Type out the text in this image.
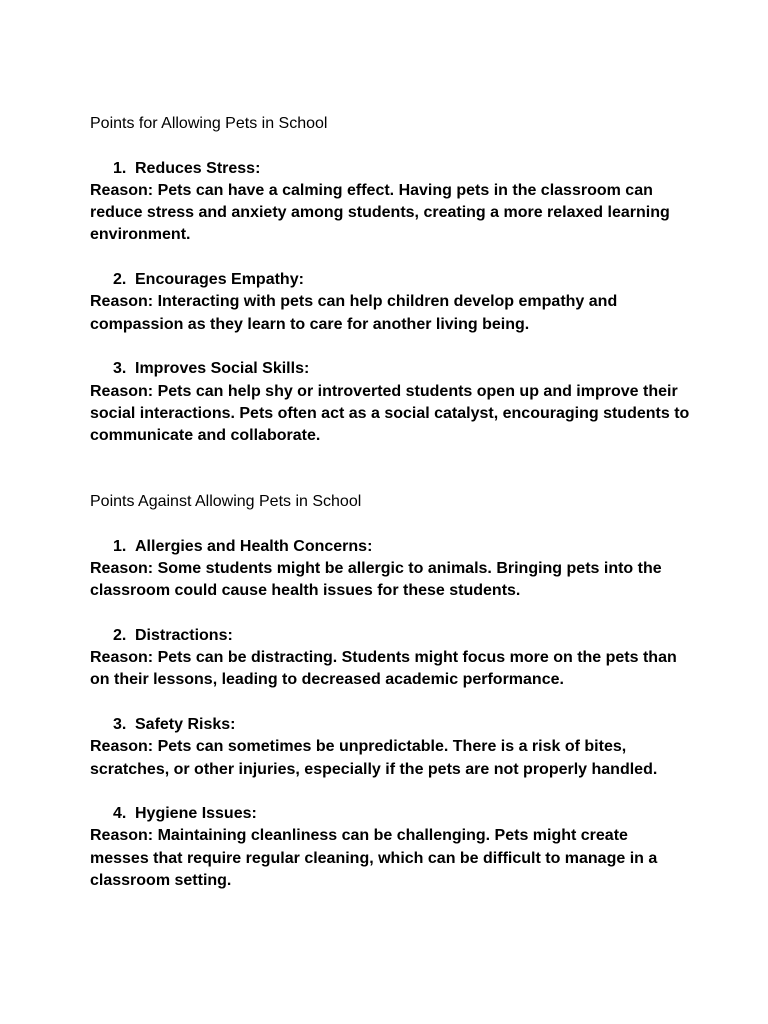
Points for Allowing Pets in School

1. Reduces Stress:

Reason: Pets can have a calming effect. Having pets in the classroom can reduce stress and anxiety among students, creating a more relaxed learning environment.

2. Encourages Empathy:

Reason: Interacting with pets can help children develop empathy and compassion as they learn to care for another living being.

3. Improves Social Skills:

Reason: Pets can help shy or introverted students open up and improve their social interactions. Pets often act as a social catalyst, encouraging students to communicate and collaborate.

Points Against Allowing Pets in School

1. Allergies and Health Concerns:

Reason: Some students might be allergic to animals. Bringing pets into the classroom could cause health issues for these students.

2. Distractions:

Reason: Pets can be distracting. Students might focus more on the pets than on their lessons, leading to decreased academic performance.

3. Safety Risks:

Reason: Pets can sometimes be unpredictable. There is a risk of bites, scratches, or other injuries, especially if the pets are not properly handled.

4. Hygiene Issues:

Reason: Maintaining cleanliness can be challenging. Pets might create messes that require regular cleaning, which can be difficult to manage in a classroom setting.
